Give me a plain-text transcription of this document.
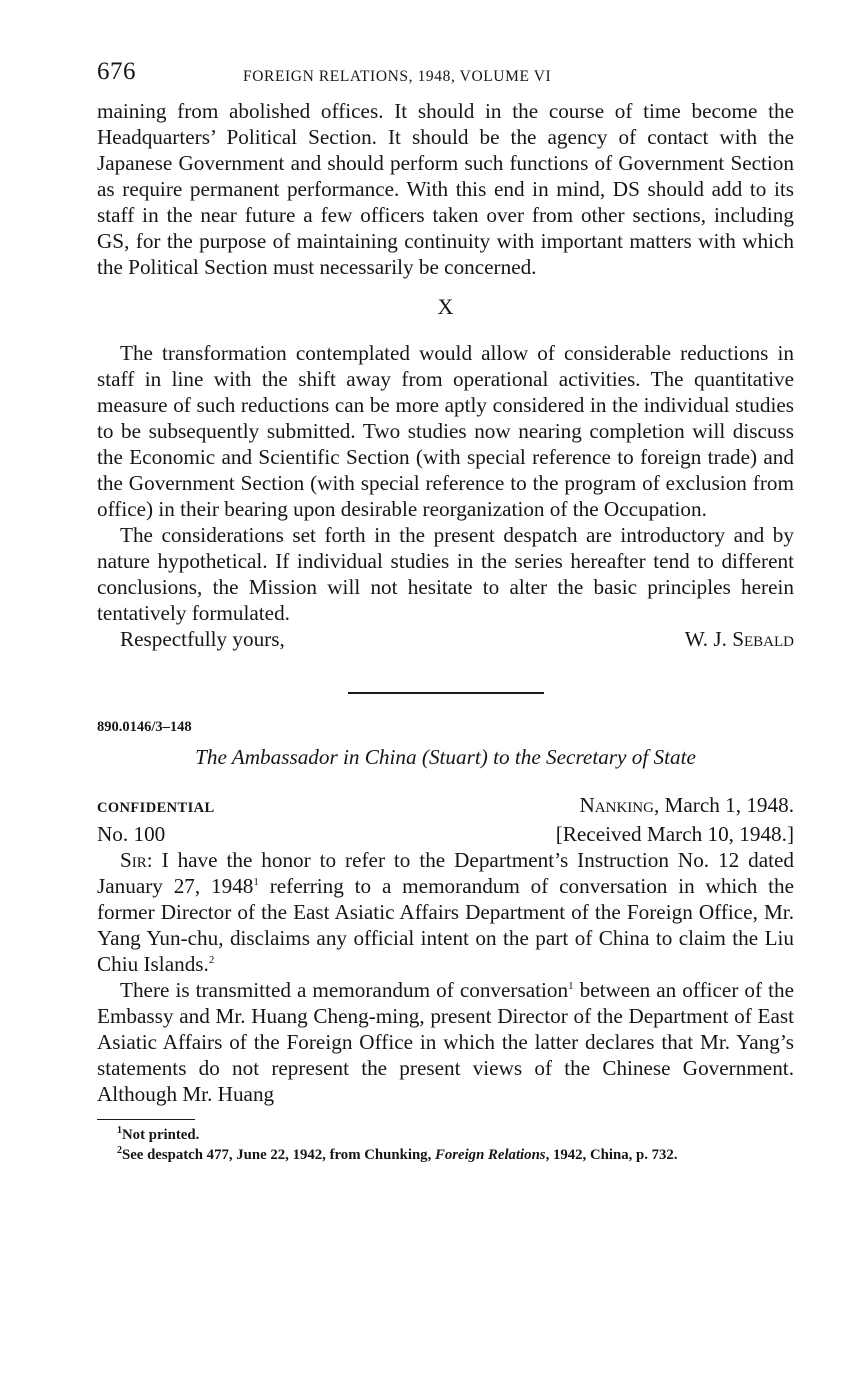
676	FOREIGN RELATIONS, 1948, VOLUME VI

maining from abolished offices. It should in the course of time become the Headquarters’ Political Section. It should be the agency of contact with the Japanese Government and should perform such functions of Government Section as require permanent performance. With this end in mind, DS should add to its staff in the near future a few officers taken over from other sections, including GS, for the purpose of maintaining continuity with important matters with which the Political Section must necessarily be concerned.

X

The transformation contemplated would allow of considerable reductions in staff in line with the shift away from operational activities. The quantitative measure of such reductions can be more aptly considered in the individual studies to be subsequently submitted. Two studies now nearing completion will discuss the Economic and Scientific Section (with special reference to foreign trade) and the Government Section (with special reference to the program of exclusion from office) in their bearing upon desirable reorganization of the Occupation.

The considerations set forth in the present despatch are introductory and by nature hypothetical. If individual studies in the series hereafter tend to different conclusions, the Mission will not hesitate to alter the basic principles herein tentatively formulated.

Respectfully yours,	W. J. Sebald
890.0146/3–148
The Ambassador in China (Stuart) to the Secretary of State
CONFIDENTIAL	Nanking, March 1, 1948.
No. 100	[Received March 10, 1948.]

Sir: I have the honor to refer to the Department’s Instruction No. 12 dated January 27, 1948$^1$ referring to a memorandum of conversation in which the former Director of the East Asiatic Affairs Department of the Foreign Office, Mr. Yang Yun-chu, disclaims any official intent on the part of China to claim the Liu Chiu Islands.$^2$

There is transmitted a memorandum of conversation$^1$ between an officer of the Embassy and Mr. Huang Cheng-ming, present Director of the Department of East Asiatic Affairs of the Foreign Office in which the latter declares that Mr. Yang’s statements do not represent the present views of the Chinese Government. Although Mr. Huang

$^1$Not printed.
$^2$See despatch 477, June 22, 1942, from Chunking, Foreign Relations, 1942, China, p. 732.
